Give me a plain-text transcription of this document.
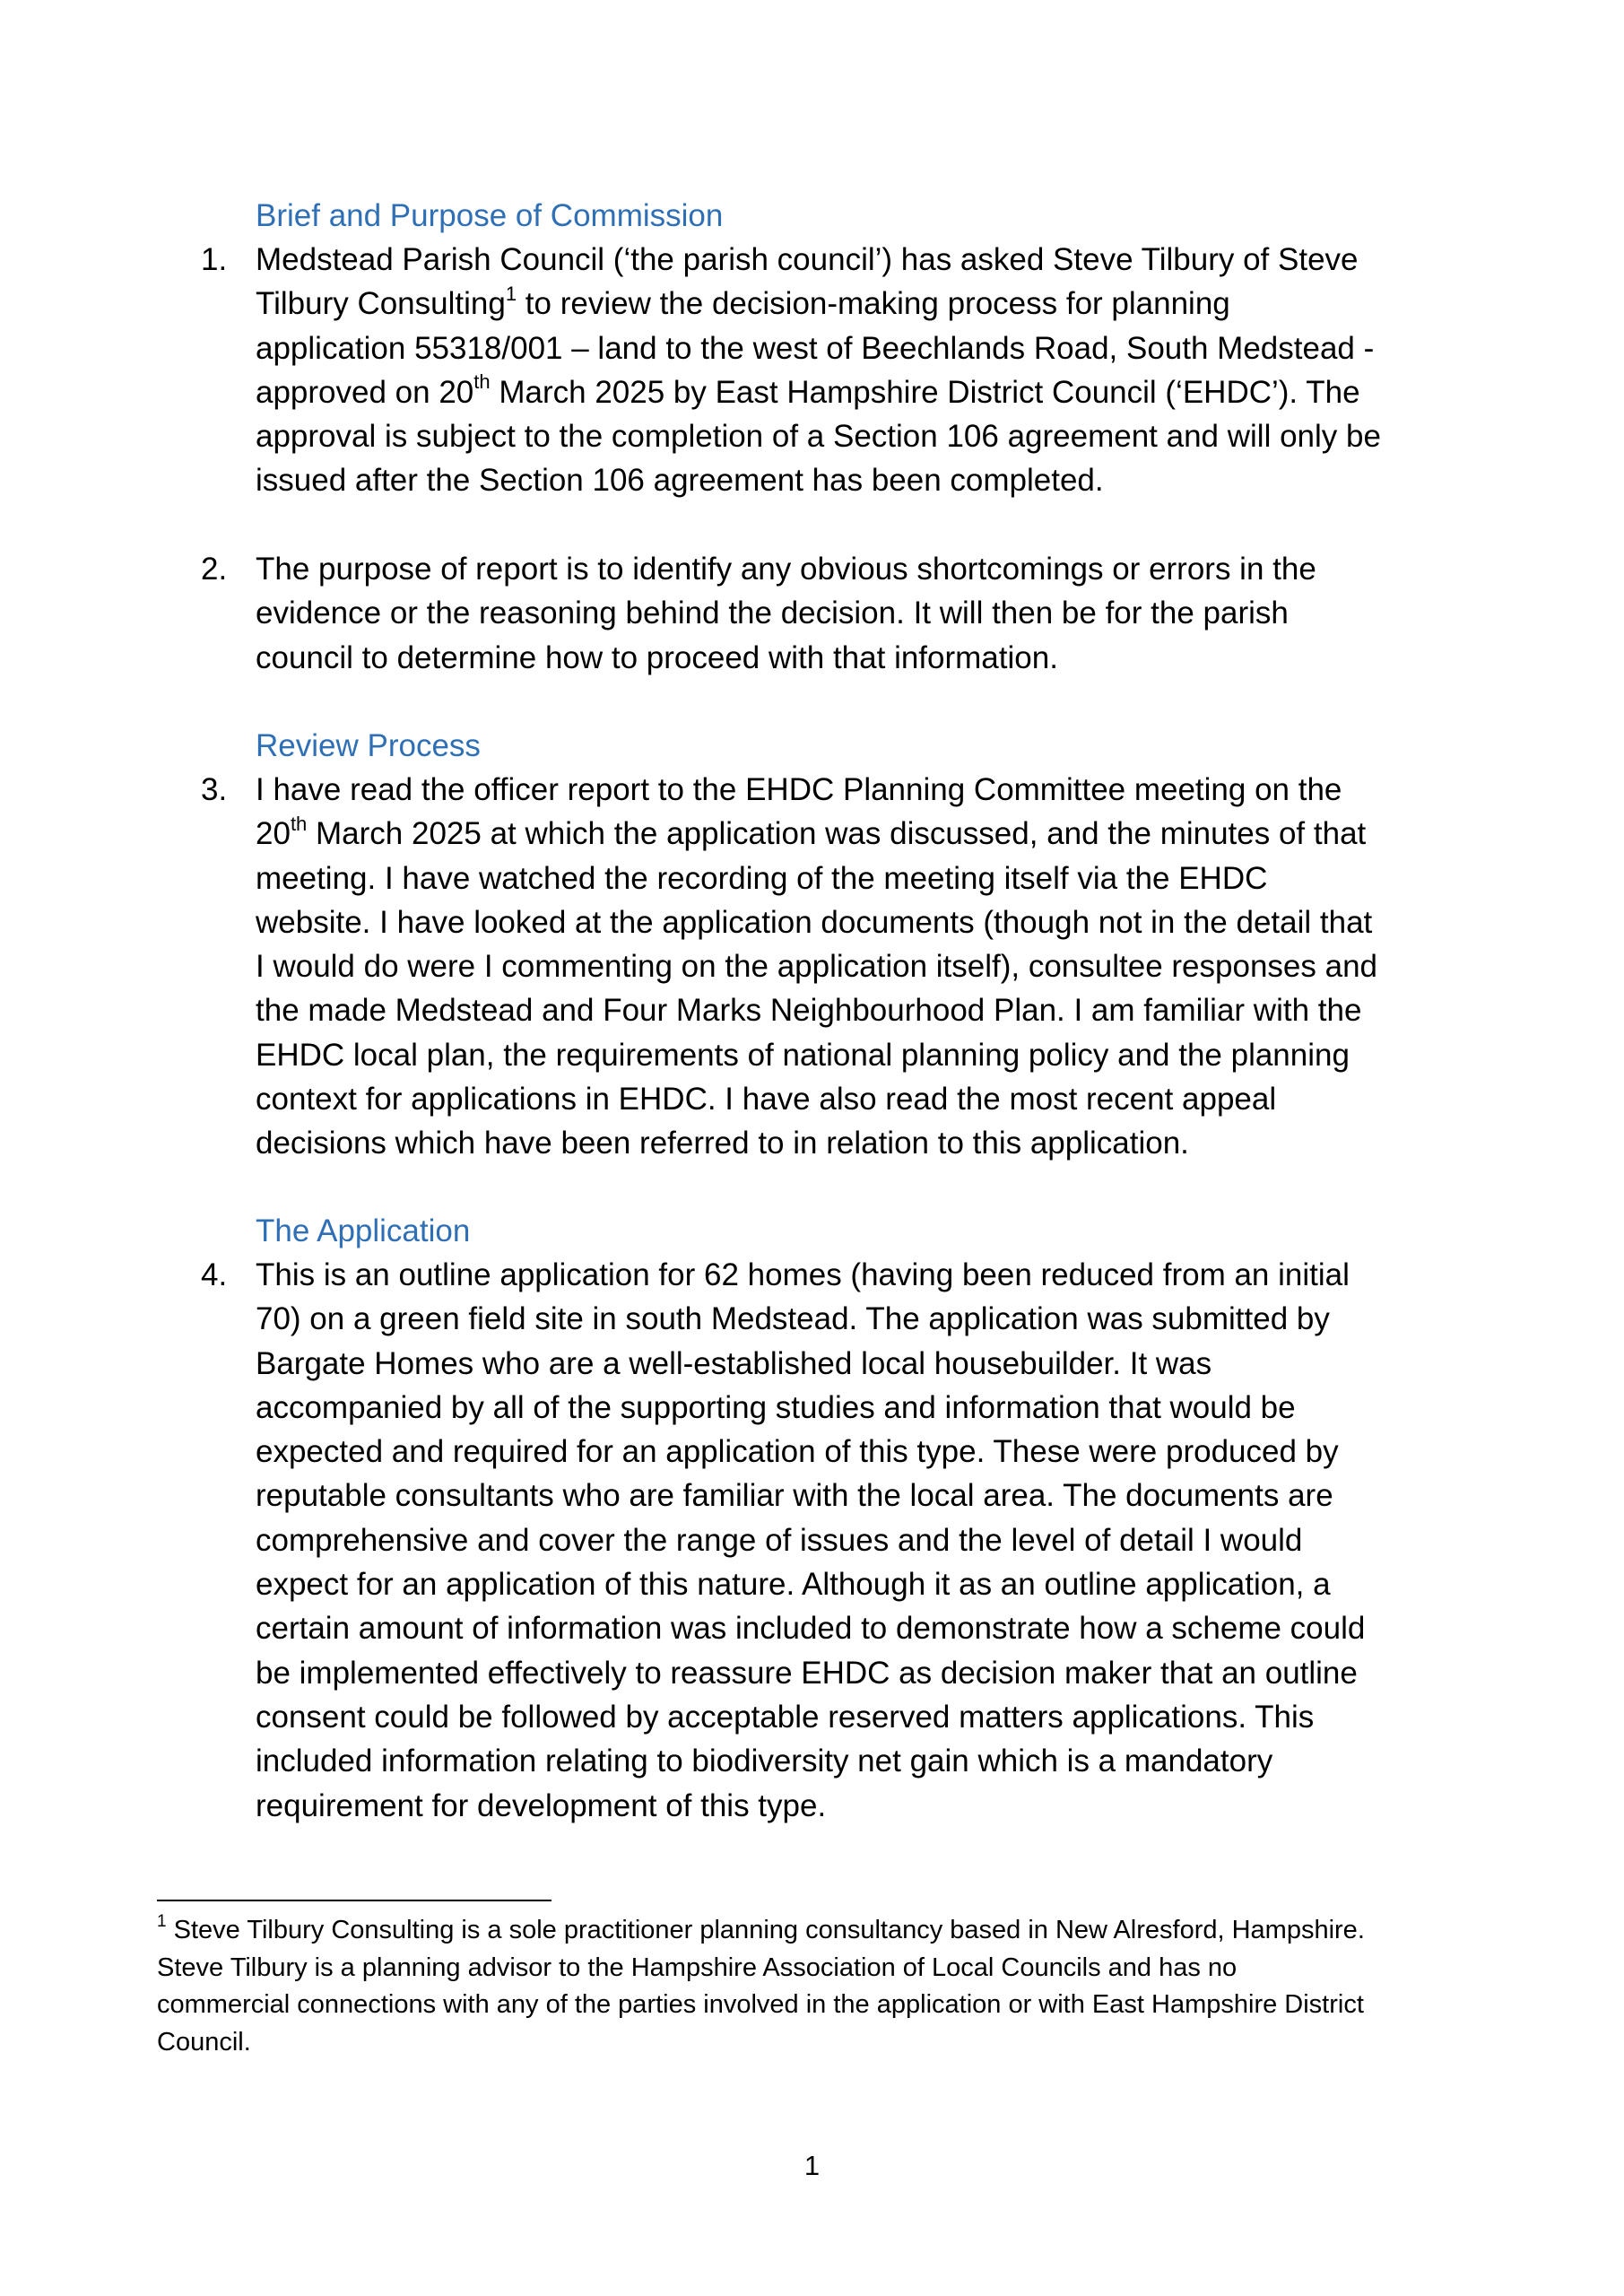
Brief and Purpose of Commission
1. Medstead Parish Council (‘the parish council’) has asked Steve Tilbury of Steve
Tilbury Consulting$^1$ to review the decision-making process for planning
application 55318/001 – land to the west of Beechlands Road, South Medstead -
approved on 20th March 2025 by East Hampshire District Council (‘EHDC’). The
approval is subject to the completion of a Section 106 agreement and will only be
issued after the Section 106 agreement has been completed.
2. The purpose of report is to identify any obvious shortcomings or errors in the
evidence or the reasoning behind the decision. It will then be for the parish
council to determine how to proceed with that information.
Review Process
3. I have read the officer report to the EHDC Planning Committee meeting on the
20th March 2025 at which the application was discussed, and the minutes of that
meeting. I have watched the recording of the meeting itself via the EHDC
website. I have looked at the application documents (though not in the detail that
I would do were I commenting on the application itself), consultee responses and
the made Medstead and Four Marks Neighbourhood Plan. I am familiar with the
EHDC local plan, the requirements of national planning policy and the planning
context for applications in EHDC. I have also read the most recent appeal
decisions which have been referred to in relation to this application.
The Application
4. This is an outline application for 62 homes (having been reduced from an initial
70) on a green field site in south Medstead. The application was submitted by
Bargate Homes who are a well-established local housebuilder. It was
accompanied by all of the supporting studies and information that would be
expected and required for an application of this type. These were produced by
reputable consultants who are familiar with the local area. The documents are
comprehensive and cover the range of issues and the level of detail I would
expect for an application of this nature. Although it as an outline application, a
certain amount of information was included to demonstrate how a scheme could
be implemented effectively to reassure EHDC as decision maker that an outline
consent could be followed by acceptable reserved matters applications. This
included information relating to biodiversity net gain which is a mandatory
requirement for development of this type.
$^1$ Steve Tilbury Consulting is a sole practitioner planning consultancy based in New Alresford, Hampshire.
Steve Tilbury is a planning advisor to the Hampshire Association of Local Councils and has no
commercial connections with any of the parties involved in the application or with East Hampshire District
Council.
1
